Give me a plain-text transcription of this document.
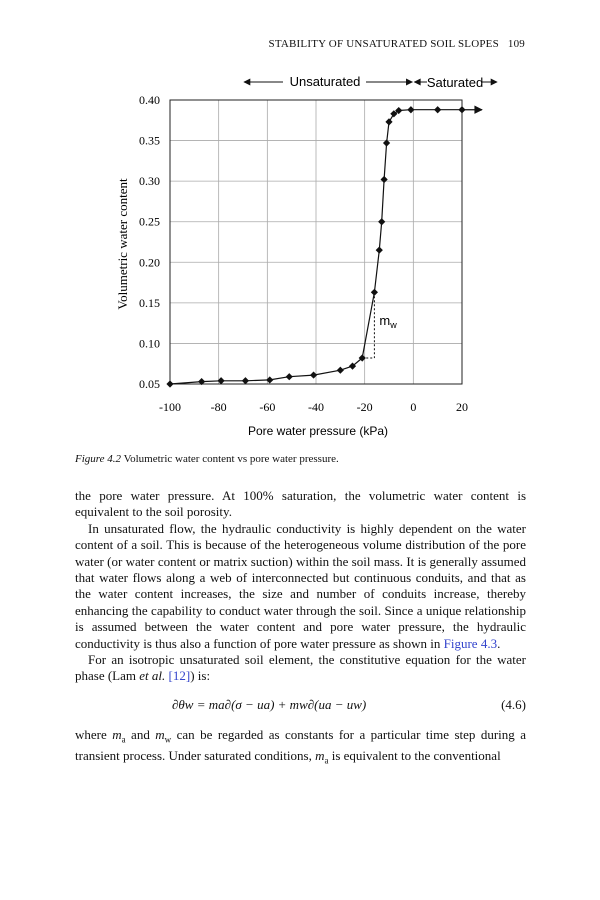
STABILITY OF UNSATURATED SOIL SLOPES 109
Unsaturated	Saturated
-100 -80	-60	-40	-20	0	20
0.40
0.35
0.30
0.25
0.20
0.15
0.10
0.05
$m_w$
Pore water pressure (kPa)
Volumetric water content
Figure 4.2 Volumetric water content vs pore water pressure.

the pore water pressure. At 100% saturation, the volumetric water content is equivalent to the soil porosity.

In unsaturated flow, the hydraulic conductivity is highly dependent on the water content of a soil. This is because of the heterogeneous volume distribution of the pore water (or water content or matrix suction) within the soil mass. It is generally assumed that water flows along a web of interconnected but continuous conduits, and that as the water content increases, the size and number of conduits increase, thereby enhancing the capability to conduct water through the soil. Since a unique relationship is assumed between the water content and pore water pressure, the hydraulic conductivity is thus also a function of pore water pressure as shown in Figure 4.3.

For an isotropic unsaturated soil element, the constitutive equation for the water phase (Lam et al. [12]) is:

∂θw = ma∂(σ − ua) + mw∂(ua − uw)	(4.6)

where $m_a$ and $m_w$ can be regarded as constants for a particular time step during a transient process. Under saturated conditions, $m_a$ is equivalent to the conventional
